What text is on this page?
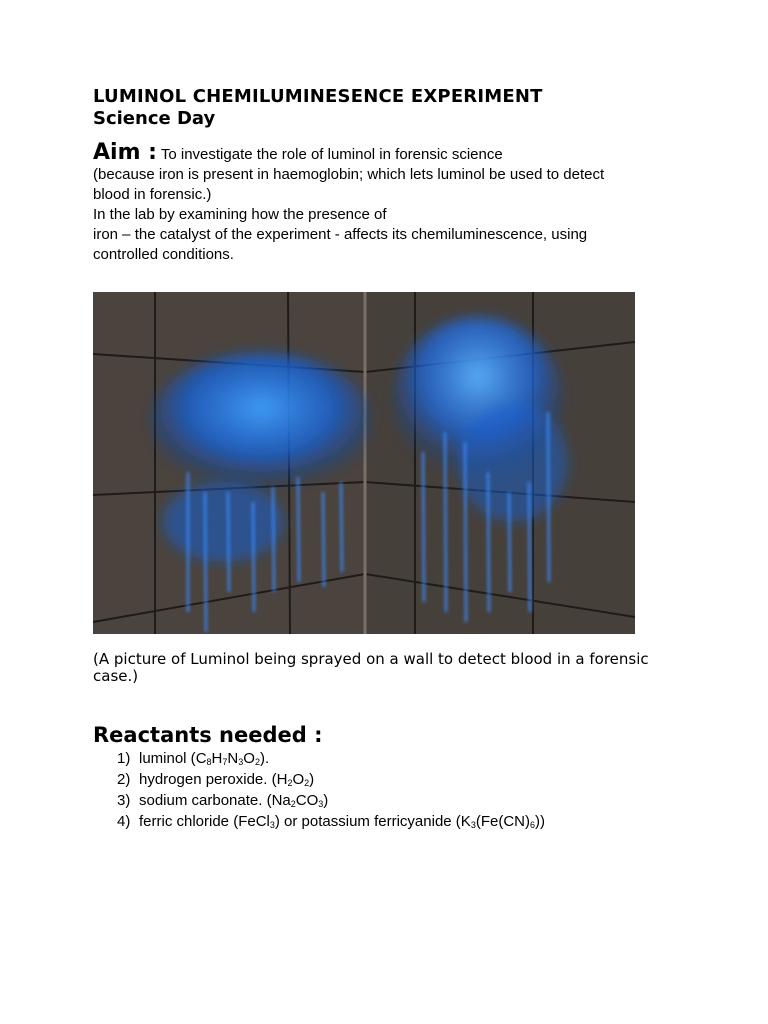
LUMINOL CHEMILUMINESENCE EXPERIMENT
Science Day
Aim : To investigate the role of luminol in forensic science
(because iron is present in haemoglobin; which lets luminol be used to detect
blood in forensic.)
In the lab by examining how the presence of
iron – the catalyst of the experiment - affects its chemiluminescence, using
controlled conditions.
(A picture of Luminol being sprayed on a wall to detect blood in a forensic
case.)
Reactants needed :
1) luminol $(C_8H_7N_3O_2)$.
2) hydrogen peroxide. $(H_2O_2)$
3) sodium carbonate. $(Na_2CO_3)$
4) ferric chloride (FeCl$_3$) or potassium ferricyanide $(K_3(Fe(CN)_6))$
